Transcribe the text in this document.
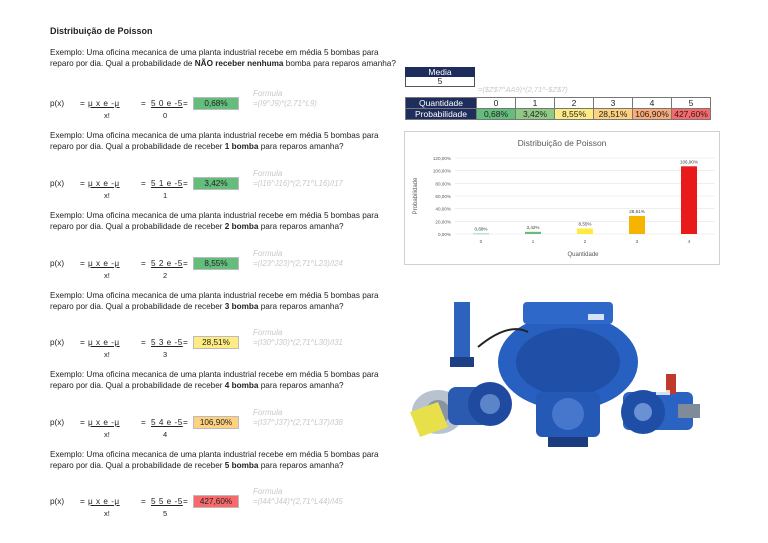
Distribuição de Poisson
Exemplo: Uma oficina mecanica de uma planta industrial recebe em média 5 bombas para reparo por dia. Qual a probabilidade de NÃO receber nenhuma bomba para reparos amanha?
p(x) = μ x e -μ
x!
= 5 0 e -5
0
=	0,68%
Formula
=(I9^J9)*(2,71^L9)
Exemplo: Uma oficina mecanica de uma planta industrial recebe em média 5 bombas para reparo por dia. Qual a probabilidade de receber 1 bomba para reparos amanha?
p(x) = μ x e -μ
x!
= 5 1 e -5
1
=	3,42%
Formula
=(I16^J16)*(2,71^L16)/I17
Exemplo: Uma oficina mecanica de uma planta industrial recebe em média 5 bombas para reparo por dia. Qual a probabilidade de receber 2 bomba para reparos amanha?
p(x) = μ x e -μ
x!
= 5 2 e -5
2
=	8,55%
Formula
=(I23^J23)*(2,71^L23)/I24
Exemplo: Uma oficina mecanica de uma planta industrial recebe em média 5 bombas para reparo por dia. Qual a probabilidade de receber 3 bomba para reparos amanha?
p(x) = μ x e -μ
x!
= 5 3 e -5
3
=	28,51%
Formula
=(I30^J30)*(2,71^L30)/I31
Exemplo: Uma oficina mecanica de uma planta industrial recebe em média 5 bombas para reparo por dia. Qual a probabilidade de receber 4 bomba para reparos amanha?
p(x) = μ x e -μ
x!
= 5 4 e -5
4
=	106,90%
Formula
=(I37^J37)*(2,71^L37)/I38
Exemplo: Uma oficina mecanica de uma planta industrial recebe em média 5 bombas para reparo por dia. Qual a probabilidade de receber 5 bomba para reparos amanha?
p(x) = μ x e -μ
x!
= 5 5 e -5
5
=	427,60%
Formula
=(I44^J44)*(2,71^L44)/I45
Media
5
=($Z$7^AA9)*(2,71^-$Z$7)
Quantidade	0	1	2	3	4	5
Probabilidade	0,68%	3,42%	8,55%	28,51%	106,90%	427,60%
Distribuição de Poisson
Quantidade
Probabilidade
0,00%
20,00%
40,00%
60,00%
80,00%
100,00%
120,00%
0,68%
0
3,42%
1
8,55%
2
28,51%
3
106,90%
4
